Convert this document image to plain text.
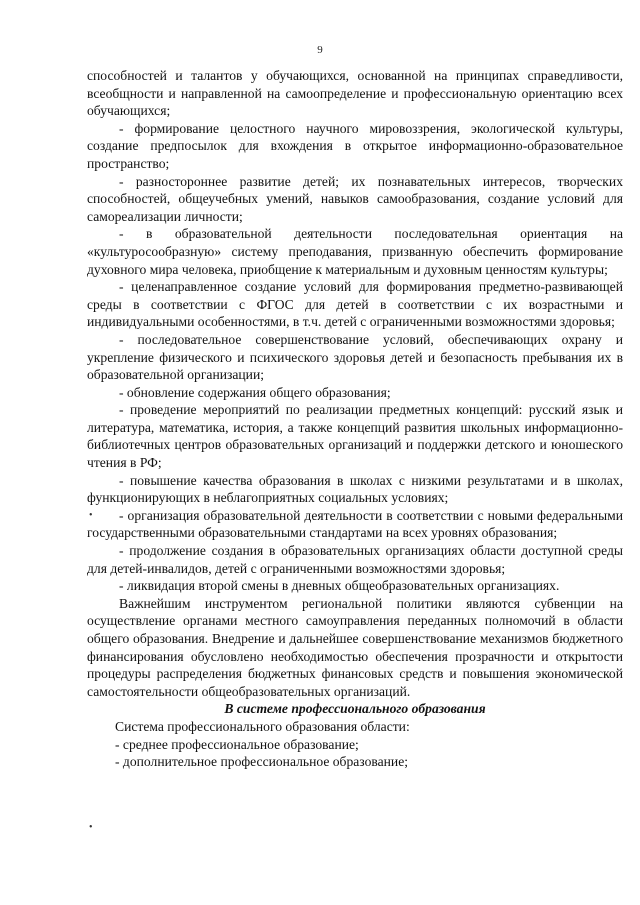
9
•
•

способностей и талантов у обучающихся, основанной на принципах справедливости, всеобщности и направленной на самоопределение и профессиональную ориентацию всех обучающихся;

- формирование целостного научного мировоззрения, экологической культуры, создание предпосылок для вхождения в открытое информационно-образовательное пространство;

- разностороннее развитие детей; их познавательных интересов, творческих способностей, общеучебных умений, навыков самообразования, создание условий для самореализации личности;

- в образовательной деятельности последовательная ориентация на «культуросообразную» систему преподавания, призванную обеспечить формирование духовного мира человека, приобщение к материальным и духовным ценностям культуры;

- целенаправленное создание условий для формирования предметно-развивающей среды в соответствии с ФГОС для детей в соответствии с их возрастными и индивидуальными особенностями, в т.ч. детей с ограниченными возможностями здоровья;

- последовательное совершенствование условий, обеспечивающих охрану и укрепление физического и психического здоровья детей и безопасность пребывания их в образовательной организации;

- обновление содержания общего образования;

- проведение мероприятий по реализации предметных концепций: русский язык и литература, математика, история, а также концепций развития школьных информационно-библиотечных центров образовательных организаций и поддержки детского и юношеского чтения в РФ;

- повышение качества образования в школах с низкими результатами и в школах, функционирующих в неблагоприятных социальных условиях;

- организация образовательной деятельности в соответствии с новыми федеральными государственными образовательными стандартами на всех уровнях образования;

- продолжение создания в образовательных организациях области доступной среды для детей-инвалидов, детей с ограниченными возможностями здоровья;

- ликвидация второй смены в дневных общеобразовательных организациях.

Важнейшим инструментом региональной политики являются субвенции на осуществление органами местного самоуправления переданных полномочий в области общего образования. Внедрение и дальнейшее совершенствование механизмов бюджетного финансирования обусловлено необходимостью обеспечения прозрачности и открытости процедуры распределения бюджетных финансовых средств и повышения экономической самостоятельности общеобразовательных организаций.

В системе профессионального образования

Система профессионального образования области:

- среднее профессиональное образование;

- дополнительное профессиональное образование;
